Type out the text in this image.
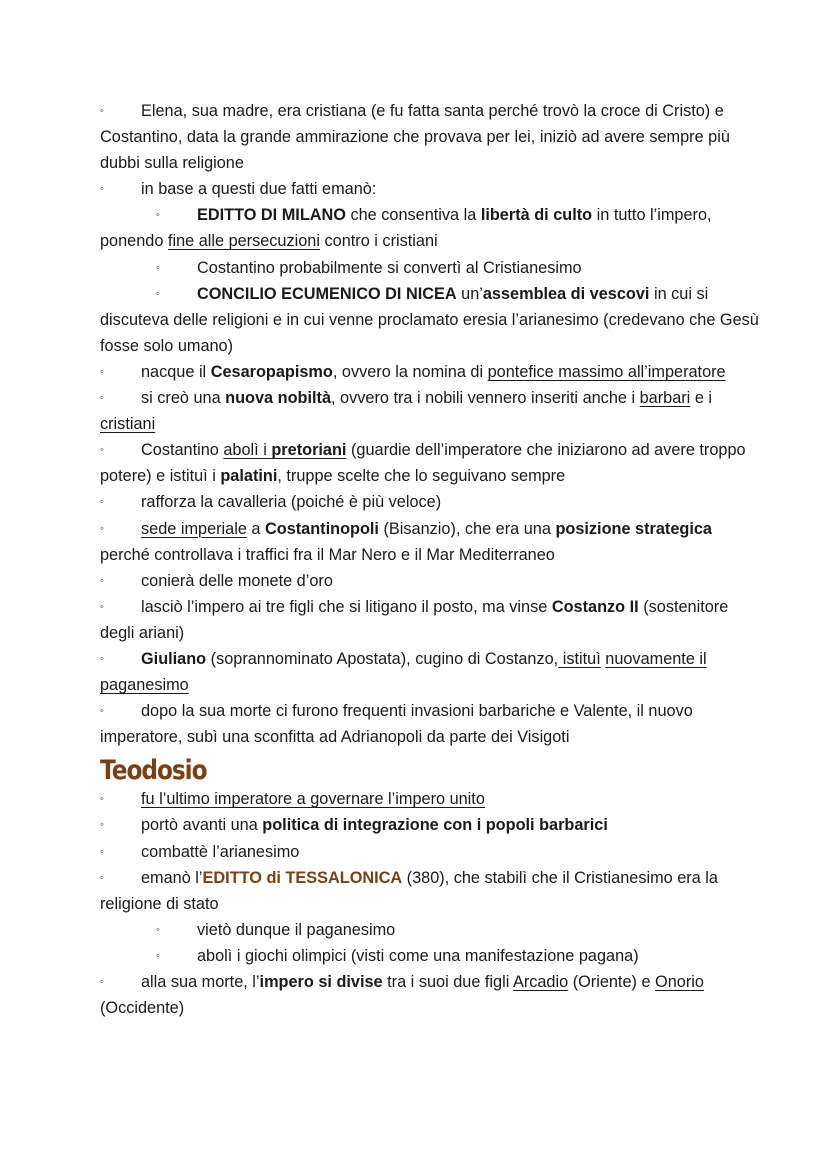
◦ Elena, sua madre, era cristiana (e fu fatta santa perché trovò la croce di Cristo) e Costantino, data la grande ammirazione che provava per lei, iniziò ad avere sempre più dubbi sulla religione

◦ in base a questi due fatti emanò:

◦ EDITTO DI MILANO che consentiva la libertà di culto in tutto l’impero, ponendo fine alle persecuzioni contro i cristiani

◦ Costantino probabilmente si convertì al Cristianesimo

◦ CONCILIO ECUMENICO DI NICEA un’assemblea di vescovi in cui si discuteva delle religioni e in cui venne proclamato eresia l’arianesimo (credevano che Gesù fosse solo umano)

◦ nacque il Cesaropapismo, ovvero la nomina di pontefice massimo all’imperatore

◦ si creò una nuova nobiltà, ovvero tra i nobili vennero inseriti anche i barbari e i cristiani

◦ Costantino abolì i pretoriani (guardie dell’imperatore che iniziarono ad avere troppo potere) e istituì i palatini, truppe scelte che lo seguivano sempre

◦ rafforza la cavalleria (poiché è più veloce)

◦ sede imperiale a Costantinopoli (Bisanzio), che era una posizione strategica perché controllava i traffici fra il Mar Nero e il Mar Mediterraneo

◦ conierà delle monete d’oro

◦ lasciò l’impero ai tre figli che si litigano il posto, ma vinse Costanzo II (sostenitore degli ariani)

◦ Giuliano (soprannominato Apostata), cugino di Costanzo, istituì nuovamente il paganesimo

◦ dopo la sua morte ci furono frequenti invasioni barbariche e Valente, il nuovo imperatore, subì una sconfitta ad Adrianopoli da parte dei Visigoti

Teodosio

◦ fu l’ultimo imperatore a governare l’impero unito

◦ portò avanti una politica di integrazione con i popoli barbarici

◦ combattè l’arianesimo

◦ emanò l’EDITTO di TESSALONICA (380), che stabilì che il Cristianesimo era la religione di stato

◦ vietò dunque il paganesimo

◦ abolì i giochi olimpici (visti come una manifestazione pagana)

◦ alla sua morte, l’impero si divise tra i suoi due figli Arcadio (Oriente) e Onorio (Occidente)
